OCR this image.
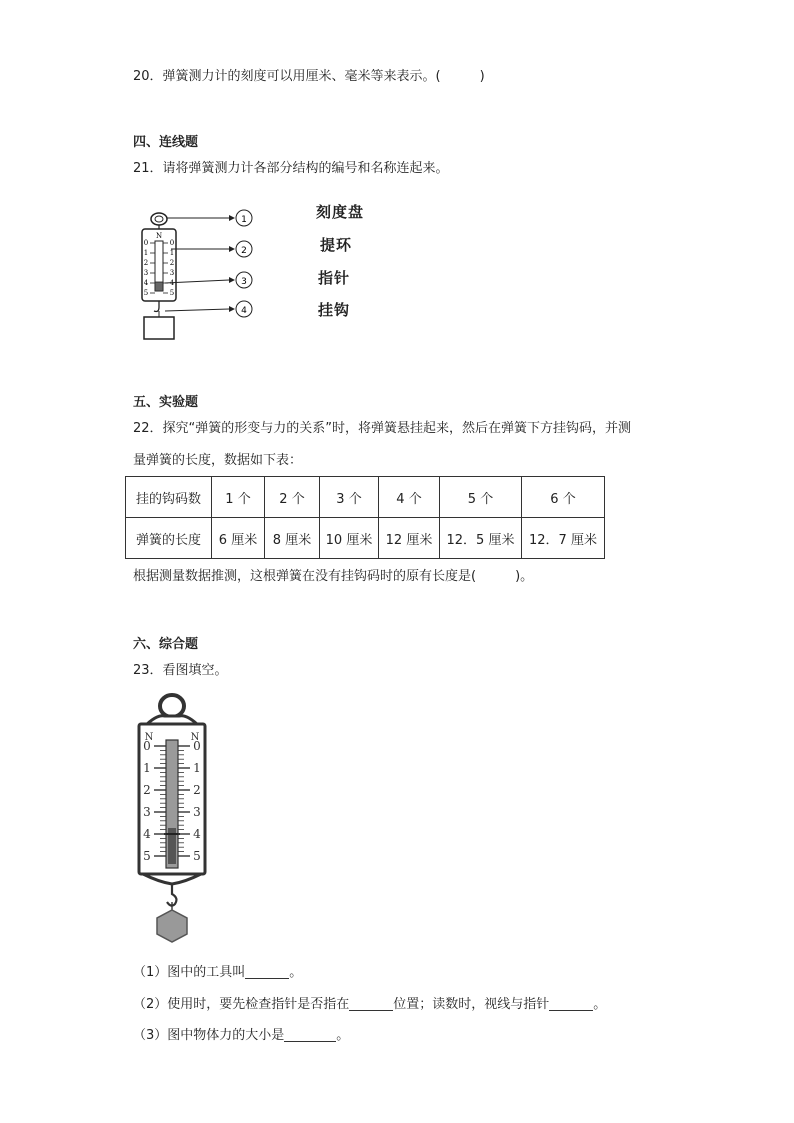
20．弹簧测力计的刻度可以用厘米、毫米等来表示。(　　　)
四、连线题
21．请将弹簧测力计各部分结构的编号和名称连起来。
N
0
1
2
3
4
5
0
1
2
3
5
1
2
3
4
刻度盘
提环
指针
挂钩
五、实验题
22．探究“弹簧的形变与力的关系”时，将弹簧悬挂起来，然后在弹簧下方挂钩码，并测
量弹簧的长度，数据如下表：
挂的钩码数	1 个	2 个	3 个	4 个	5 个	6 个
弹簧的长度	6 厘米	8 厘米	10 厘米	12 厘米	12．5 厘米	12．7 厘米
根据测量数据推测，这根弹簧在没有挂钩码时的原有长度是(　　　)。
六、综合题
23．看图填空。
N	N
0
1
2
3
4
5
0
1
2
3
4
5
（1）图中的工具叫	。
（2）使用时，要先检查指针是否指在	位置；读数时，视线与指针	。
（3）图中物体力的大小是	。
